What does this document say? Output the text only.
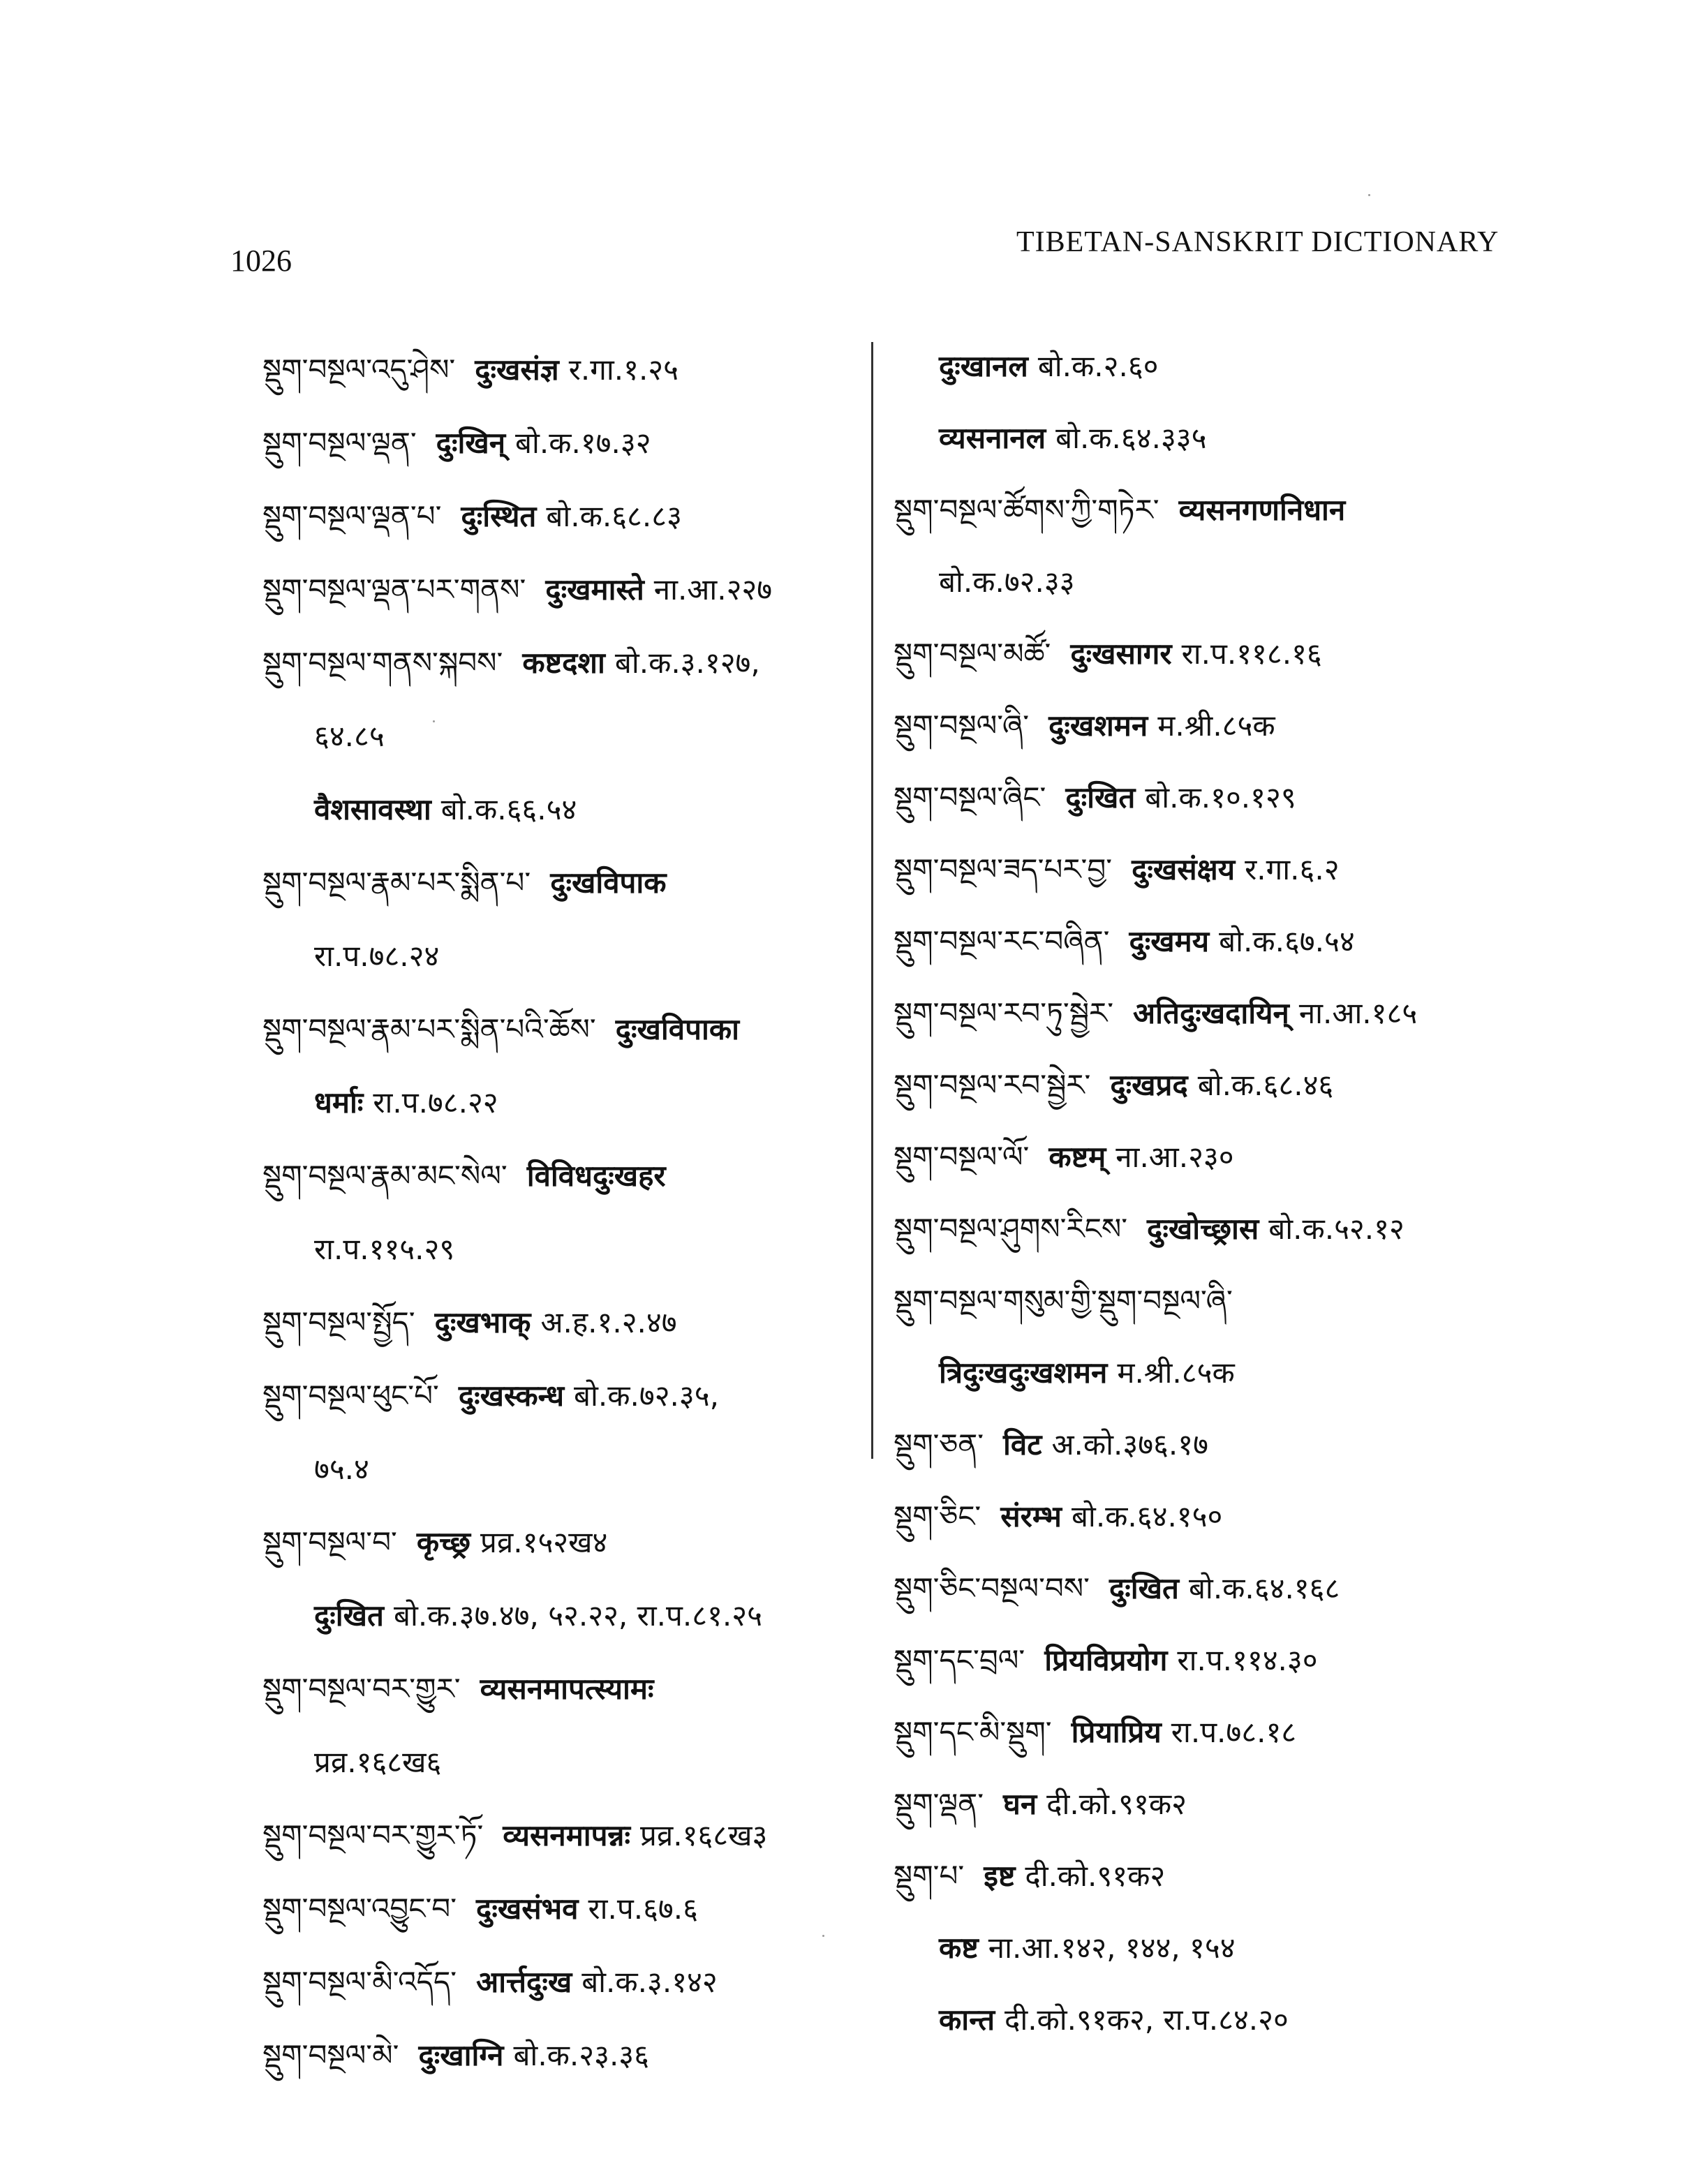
1026
TIBETAN-SANSKRIT DICTIONARY
སྡུག་བསྔལ་འདུ་ཤེས་ दुःखसंज्ञ र.गा.१.२५
སྡུག་བསྔལ་ལྡན་ दुःखिन् बो.क.१७.३२
སྡུག་བསྔལ་ལྡན་པ་ दुःस्थित बो.क.६८.८३
སྡུག་བསྔལ་ལྡན་པར་གནས་ दुःखमास्ते ना.आ.२२७
སྡུག་བསྔལ་གནས་སྐབས་ कष्टदशा बो.क.३.१२७,
६४.८५
वैशसावस्था बो.क.६६.५४
སྡུག་བསྔལ་རྣམ་པར་སྨིན་པ་ दुःखविपाक
रा.प.७८.२४
སྡུག་བསྔལ་རྣམ་པར་སྨིན་པའི་ཆོས་ दुःखविपाका
धर्माः रा.प.७८.२२
སྡུག་བསྔལ་རྣམ་མང་སེལ་ विविधदुःखहर
रा.प.११५.२९
སྡུག་བསྔལ་སྤྱོད་ दुःखभाक् अ.ह.१.२.४७
སྡུག་བསྔལ་ཕུང་པོ་ दुःखस्कन्ध बो.क.७२.३५,
७५.४
སྡུག་བསྔལ་བ་ कृच्छ्र प्रव्र.१५२ख४
दुःखित बो.क.३७.४७, ५२.२२, रा.प.८१.२५
སྡུག་བསྔལ་བར་གྱུར་ व्यसनमापत्स्यामः
प्रव्र.१६८ख६
སྡུག་བསྔལ་བར་གྱུར་ཏོ་ व्यसनमापन्नः प्रव्र.१६८ख३
སྡུག་བསྔལ་འབྱུང་བ་ दुःखसंभव रा.प.६७.६
སྡུག་བསྔལ་མི་འདོད་ आर्त्तदुःख बो.क.३.१४२
སྡུག་བསྔལ་མེ་ दुःखाग्नि बो.क.२३.३६
दुःखानल बो.क.२.६०
व्यसनानल बो.क.६४.३३५
སྡུག་བསྔལ་ཚོགས་ཀྱི་གཏེར་ व्यसनगणनिधान
बो.क.७२.३३
སྡུག་བསྔལ་མཚོ་ दुःखसागर रा.प.११८.१६
སྡུག་བསྔལ་ཞི་ दुःखशमन म.श्री.८५क
སྡུག་བསྔལ་ཞིང་ दुःखित बो.क.१०.१२९
སྡུག་བསྔལ་ཟད་པར་བྱ་ दुःखसंक्षय र.गा.६.२
སྡུག་བསྔལ་རང་བཞིན་ दुःखमय बो.क.६७.५४
སྡུག་བསྔལ་རབ་ཏུ་སྦྱེར་ अतिदुःखदायिन् ना.आ.१८५
སྡུག་བསྔལ་རབ་སྦྱེར་ दुःखप्रद बो.क.६८.४६
སྡུག་བསྔལ་ལོ་ कष्टम् ना.आ.२३०
སྡུག་བསྔལ་ཤུགས་རིངས་ दुःखोच्छ्रास बो.क.५२.१२
སྡུག་བསྔལ་གསུམ་གྱི་སྡུག་བསྔལ་ཞི་
त्रिदुःखदुःखशमन म.श्री.८५क
སྡུག་ཅན་ विट अ.को.३७६.१७
སྡུག་ཅིང་ संरम्भ बो.क.६४.१५०
སྡུག་ཅིང་བསྔལ་བས་ दुःखित बो.क.६४.१६८
སྡུག་དང་བྲལ་ प्रियविप्रयोग रा.प.११४.३०
སྡུག་དང་མི་སྡུག་ प्रियाप्रिय रा.प.७८.१८
སྡུག་ལྡན་ घन दी.को.९१क२
སྡུག་པ་ इष्ट दी.को.९१क२
कष्ट ना.आ.१४२, १४४, १५४
कान्त दी.को.९१क२, रा.प.८४.२०
